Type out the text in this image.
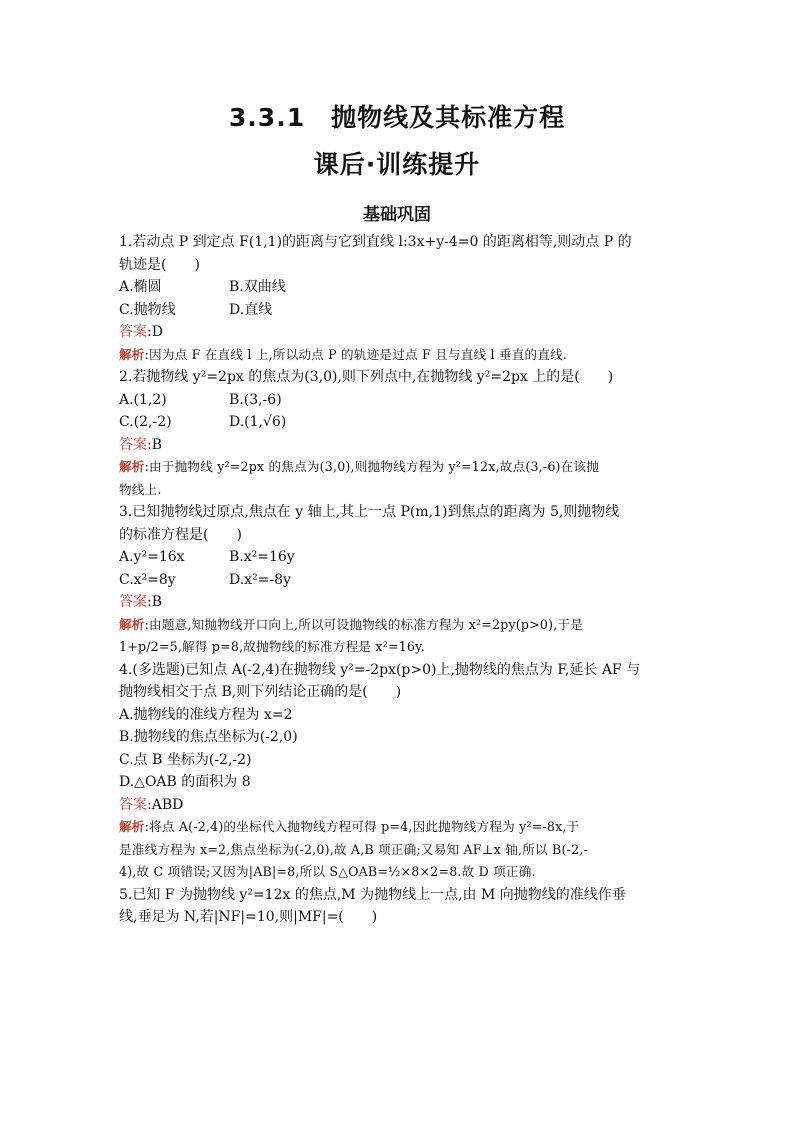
3.3.1　抛物线及其标准方程
课后·训练提升
基础巩固
1.若动点 P 到定点 F(1,1)的距离与它到直线 l:3x+y-4=0 的距离相等,则动点 P 的
轨迹是(　　)
A.椭圆	B.双曲线
C.抛物线	D.直线
答案:D
解析:因为点 F 在直线 l 上,所以动点 P 的轨迹是过点 F 且与直线 l 垂直的直线.
2.若抛物线 y²=2px 的焦点为(3,0),则下列点中,在抛物线 y²=2px 上的是(　　)
A.(1,2)	B.(3,-6)
C.(2,-2)	D.(1,√6)
答案:B
解析:由于抛物线 y²=2px 的焦点为(3,0),则抛物线方程为 y²=12x,故点(3,-6)在该抛
物线上.
3.已知抛物线过原点,焦点在 y 轴上,其上一点 P(m,1)到焦点的距离为 5,则抛物线
的标准方程是(　　)
A.y²=16x	B.x²=16y
C.x²=8y	D.x²=-8y
答案:B
解析:由题意,知抛物线开口向上,所以可设抛物线的标准方程为 x²=2py(p>0),于是
1+p/2=5,解得 p=8,故抛物线的标准方程是 x²=16y.
4.(多选题)已知点 A(-2,4)在抛物线 y²=-2px(p>0)上,抛物线的焦点为 F,延长 AF 与
抛物线相交于点 B,则下列结论正确的是(　　)
A.抛物线的准线方程为 x=2
B.抛物线的焦点坐标为(-2,0)
C.点 B 坐标为(-2,-2)
D.△OAB 的面积为 8
答案:ABD
解析:将点 A(-2,4)的坐标代入抛物线方程可得 p=4,因此抛物线方程为 y²=-8x,于
是准线方程为 x=2,焦点坐标为(-2,0),故 A,B 项正确;又易知 AF⊥x 轴,所以 B(-2,-
4),故 C 项错误;又因为|AB|=8,所以 S△OAB=½×8×2=8.故 D 项正确.
5.已知 F 为抛物线 y²=12x 的焦点,M 为抛物线上一点,由 M 向抛物线的准线作垂
线,垂足为 N,若|NF|=10,则|MF|=(　　)
